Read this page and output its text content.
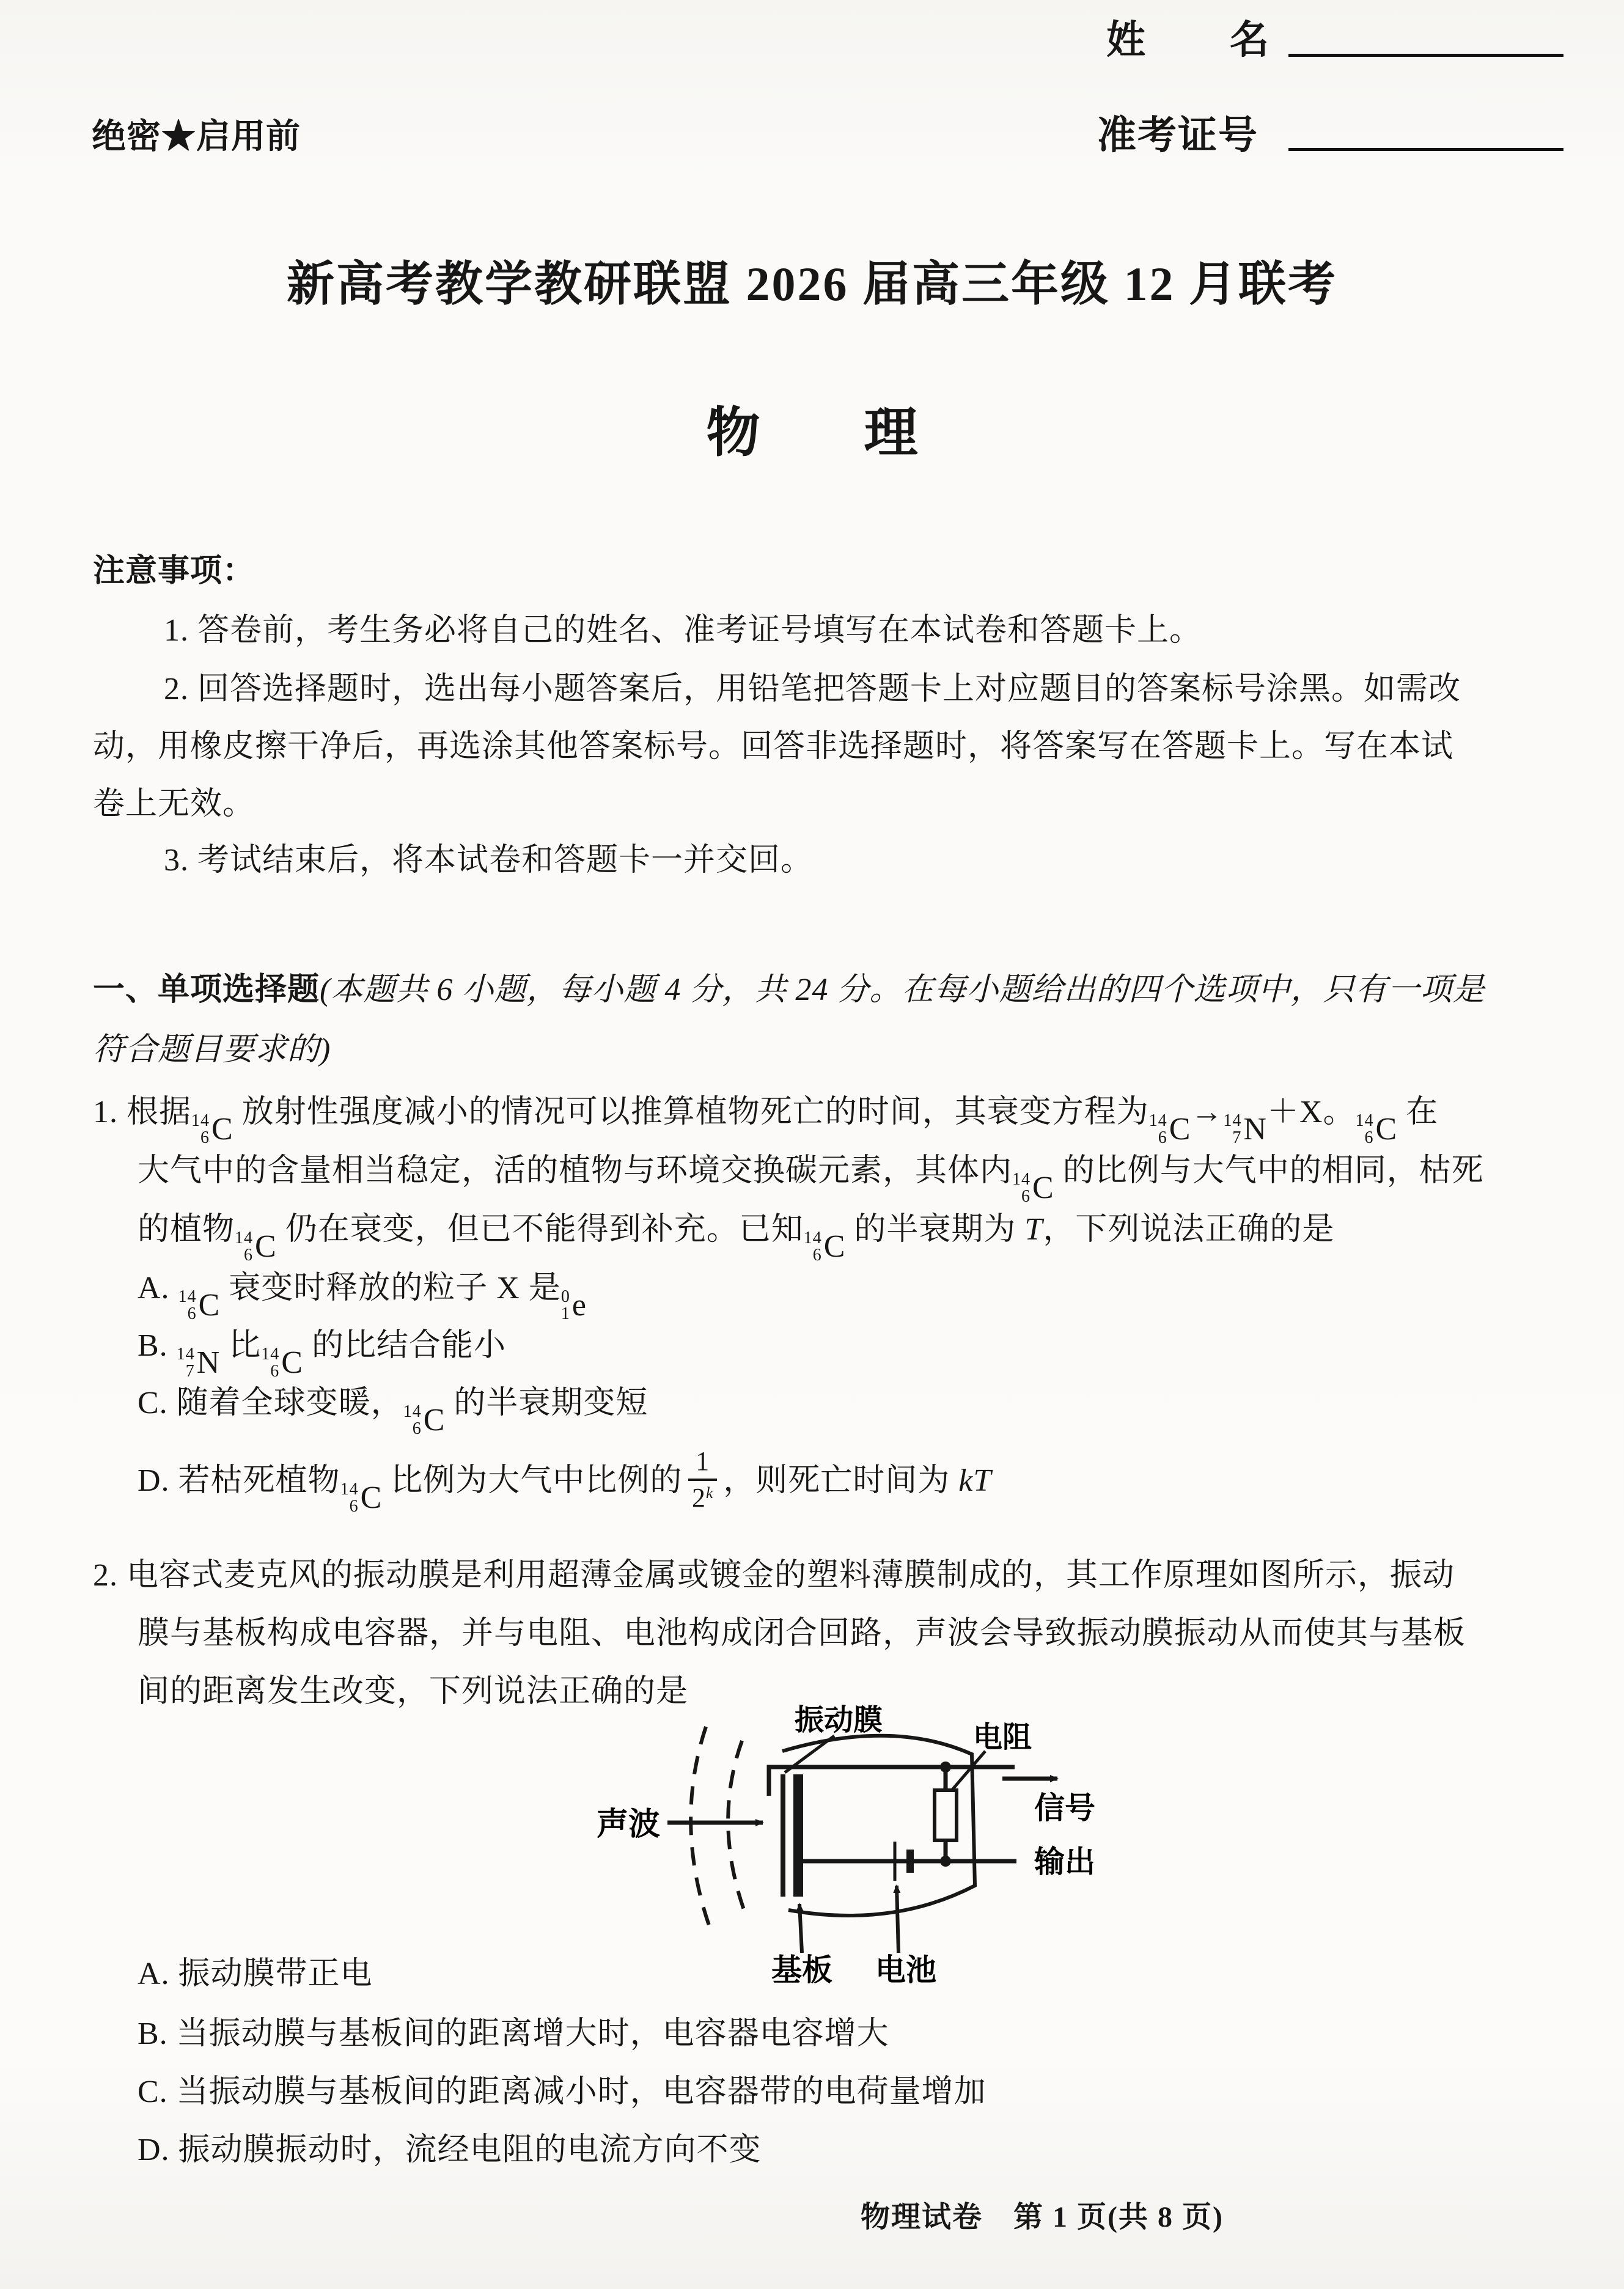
姓 名
准考证号
绝密★启用前
新高考教学教研联盟 2026 届高三年级 12 月联考
物 理
注意事项：
1. 答卷前，考生务必将自己的姓名、准考证号填写在本试卷和答题卡上。
2. 回答选择题时，选出每小题答案后，用铅笔把答题卡上对应题目的答案标号涂黑。如需改
动，用橡皮擦干净后，再选涂其他答案标号。回答非选择题时，将答案写在答题卡上。写在本试
卷上无效。
3. 考试结束后，将本试卷和答题卡一并交回。
一、单项选择题(本题共 6 小题，每小题 4 分，共 24 分。在每小题给出的四个选项中，只有一项是
符合题目要求的)
1. 根据 14
6 C 放射性强度减小的情况可以推算植物死亡的时间，其衰变方程为 14
6 C → 14
7 N ＋X。 14
6 C 在
大气中的含量相当稳定，活的植物与环境交换碳元素，其体内 14
6 C 的比例与大气中的相同，枯死
的植物 14
6 C 仍在衰变，但已不能得到补充。已知 14
6 C 的半衰期为 T，下列说法正确的是
A. 14
6 C 衰变时释放的粒子 X 是 0
1 e
B. 14
7 N 比 14
6 C 的比结合能小
C. 随着全球变暖， 14
6 C 的半衰期变短
D. 若枯死植物 14
6 C 比例为大气中比例的 $\frac{1}{2^k}$ ，则死亡时间为 kT
2. 电容式麦克风的振动膜是利用超薄金属或镀金的塑料薄膜制成的，其工作原理如图所示，振动
膜与基板构成电容器，并与电阻、电池构成闭合回路，声波会导致振动膜振动从而使其与基板
间的距离发生改变，下列说法正确的是
声波	信号
输出
振动膜
电阻
基板 电池
A. 振动膜带正电
B. 当振动膜与基板间的距离增大时，电容器电容增大
C. 当振动膜与基板间的距离减小时，电容器带的电荷量增加
D. 振动膜振动时，流经电阻的电流方向不变
物理试卷　第 1 页(共 8 页)
